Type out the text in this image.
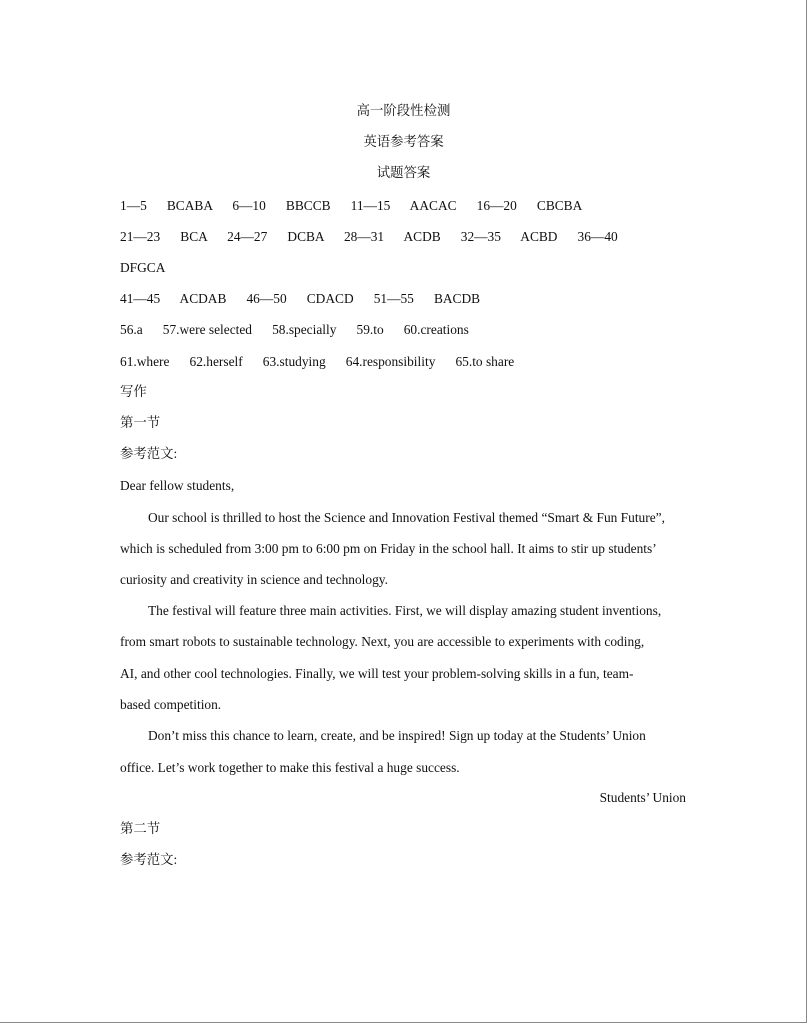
高一阶段性检测

英语参考答案

试题答案

1—5      BCABA      6—10      BBCCB      11—15      AACAC      16—20      CBCBA

21—23      BCA      24—27      DCBA      28—31      ACDB      32—35      ACBD      36—40

DFGCA

41—45      ACDAB      46—50      CDACD      51—55      BACDB

56.a      57.were selected      58.specially      59.to      60.creations

61.where      62.herself      63.studying      64.responsibility      65.to share

写作

第一节

参考范文:

Dear fellow students,

Our school is thrilled to host the Science and Innovation Festival themed “Smart & Fun Future”,

which is scheduled from 3:00 pm to 6:00 pm on Friday in the school hall. It aims to stir up students’

curiosity and creativity in science and technology.

The festival will feature three main activities. First, we will display amazing student inventions,

from smart robots to sustainable technology. Next, you are accessible to experiments with coding,

AI, and other cool technologies. Finally, we will test your problem-solving skills in a fun, team-

based competition.

Don’t miss this chance to learn, create, and be inspired! Sign up today at the Students’ Union

office. Let’s work together to make this festival a huge success.

Students’ Union

第二节

参考范文:
